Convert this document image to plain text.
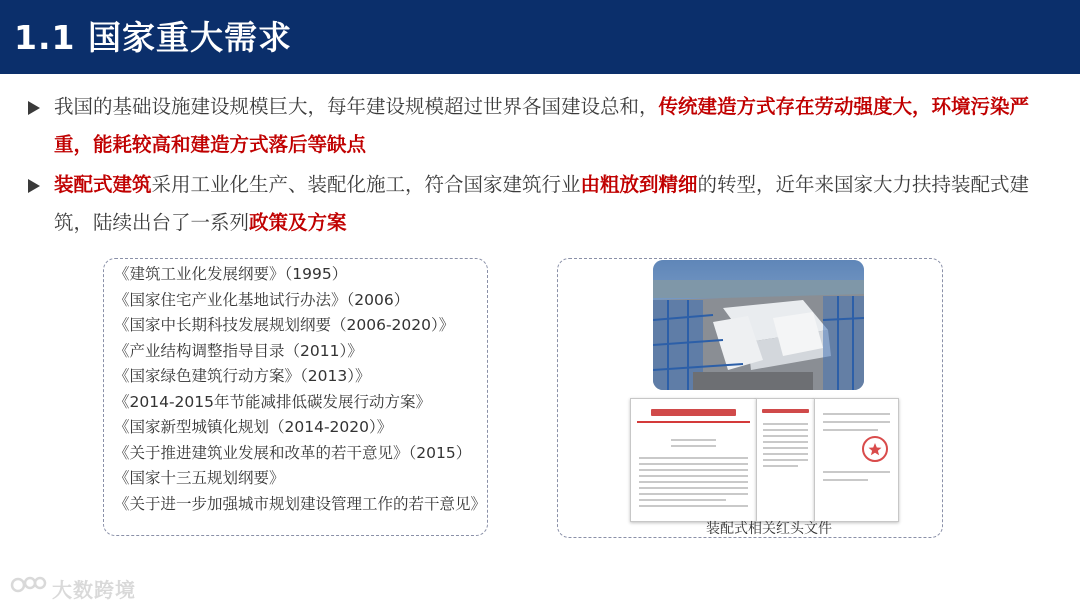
1.1 国家重大需求
我国的基础设施建设规模巨大，每年建设规模超过世界各国建设总和，传统建造方式存在劳动强度大，环境污染严重，能耗较高和建造方式落后等缺点
装配式建筑采用工业化生产、装配化施工，符合国家建筑行业由粗放到精细的转型，近年来国家大力扶持装配式建筑，陆续出台了一系列政策及方案
《建筑工业化发展纲要》（1995）
《国家住宅产业化基地试行办法》（2006）
《国家中长期科技发展规划纲要（2006-2020）》
《产业结构调整指导目录（2011）》
《国家绿色建筑行动方案》（2013）》
《2014-2015年节能减排低碳发展行动方案》
《国家新型城镇化规划（2014-2020）》
《关于推进建筑业发展和改革的若干意见》（2015）
《国家十三五规划纲要》
《关于进一步加强城市规划建设管理工作的若干意见》
装配式相关红头文件
大数跨境
